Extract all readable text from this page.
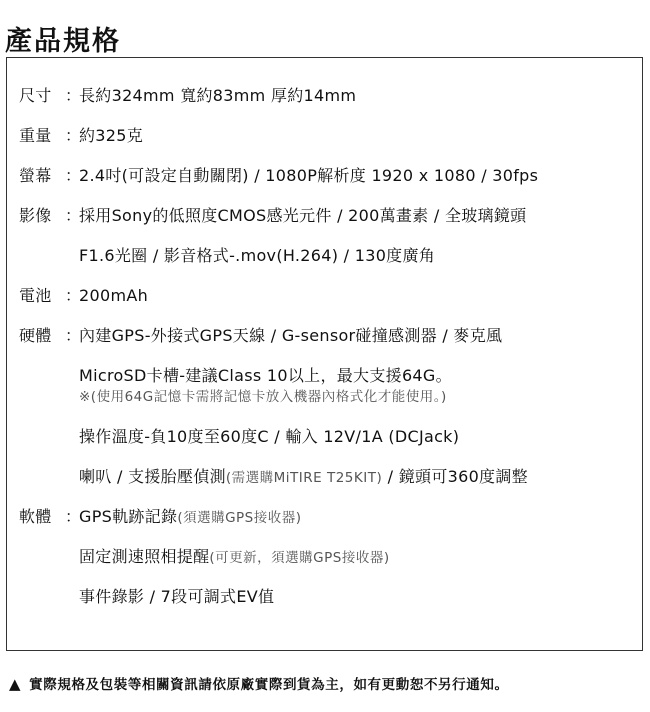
產品規格
尺寸 ：長約324mm 寬約83mm 厚約14mm
重量 ：約325克
螢幕 ：2.4吋(可設定自動關閉) / 1080P解析度 1920 x 1080 / 30fps
影像 ：採用Sony的低照度CMOS感光元件 / 200萬畫素 / 全玻璃鏡頭
F1.6光圈 / 影音格式-.mov(H.264) / 130度廣角
電池 ：200mAh
硬體 ：內建GPS-外接式GPS天線 / G-sensor碰撞感測器 / 麥克風
MicroSD卡槽-建議Class 10以上，最大支援64G。
※(使用64G記憶卡需將記憶卡放入機器內格式化才能使用。)
操作溫度-負10度至60度C / 輸入 12V/1A (DCJack)
喇叭 / 支援胎壓偵測(需選購MiTIRE T25KIT) / 鏡頭可360度調整
軟體 ：GPS軌跡記錄(須選購GPS接收器)
固定測速照相提醒(可更新，須選購GPS接收器)
事件錄影 / 7段可調式EV值
▲ 實際規格及包裝等相關資訊請依原廠實際到貨為主，如有更動恕不另行通知。
